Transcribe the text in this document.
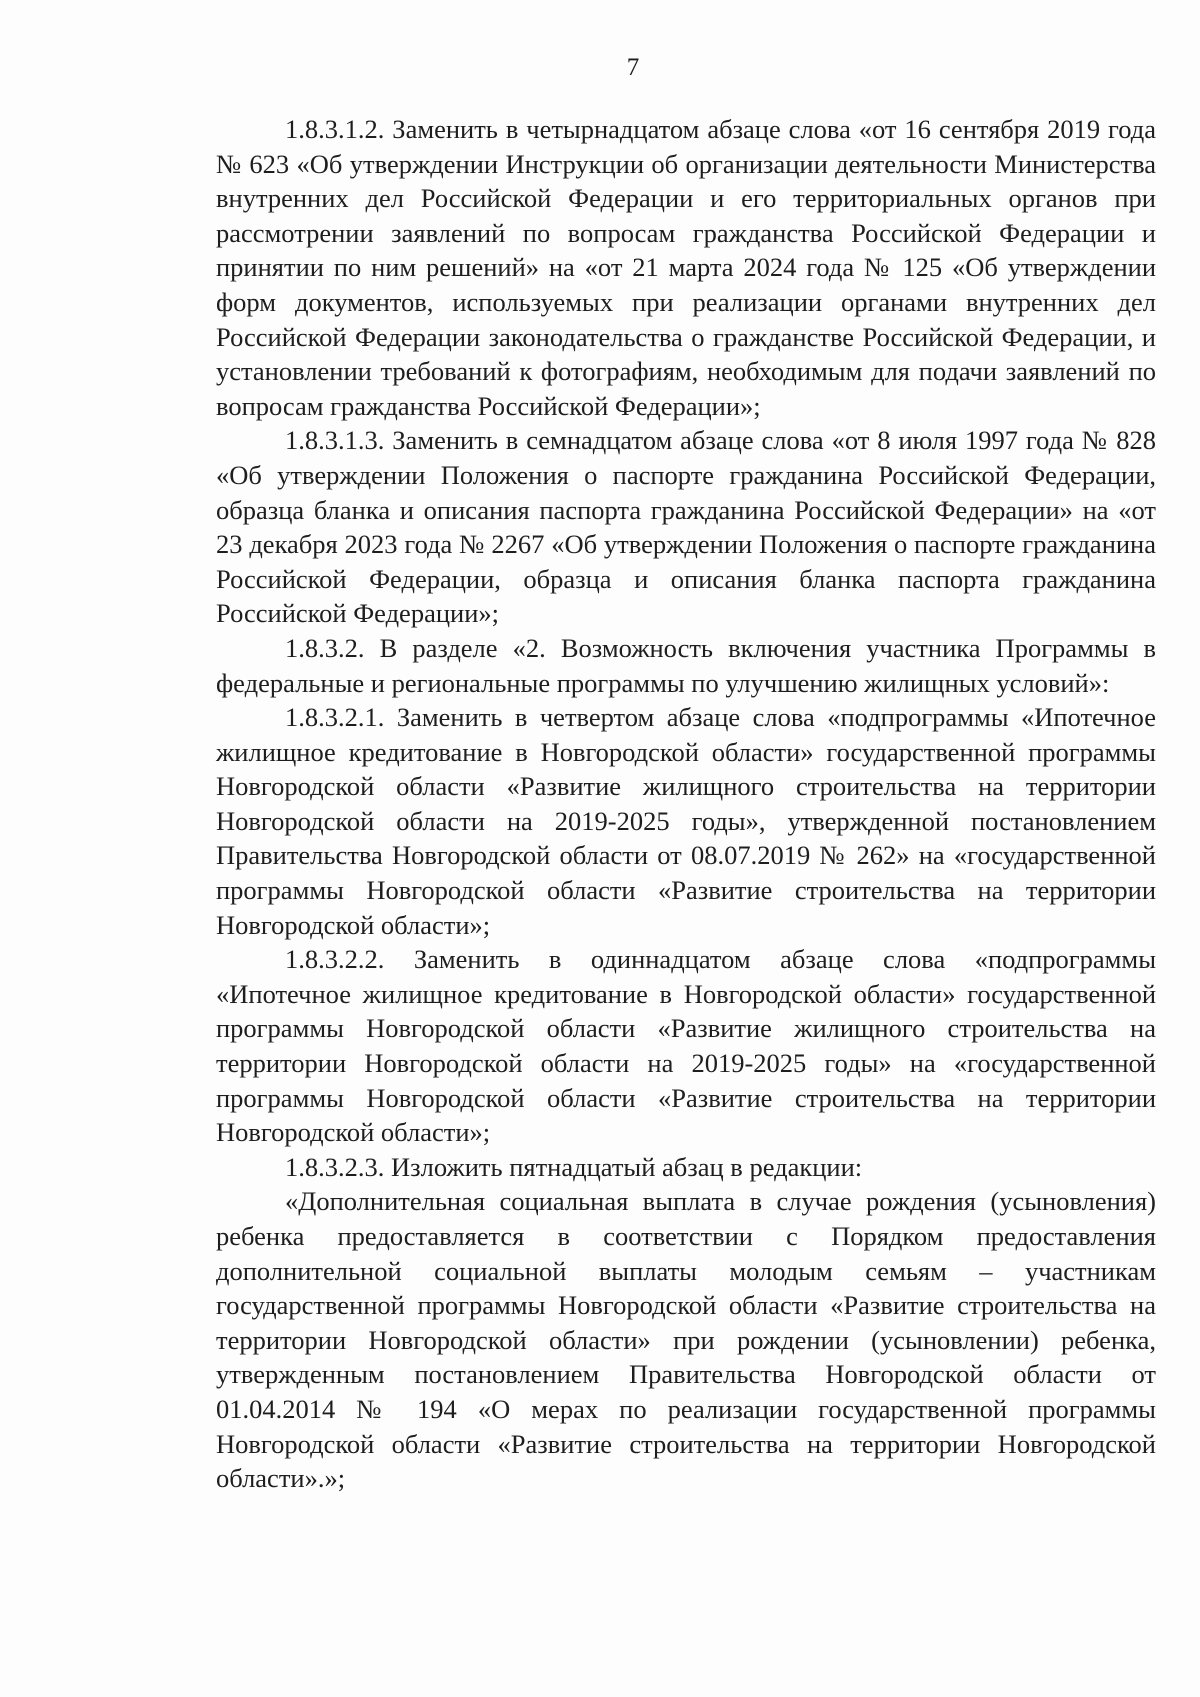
7

1.8.3.1.2. Заменить в четырнадцатом абзаце слова «от 16 сентября 2019 года № 623 «Об утверждении Инструкции об организации деятельности Министерства внутренних дел Российской Федерации и его территориальных органов при рассмотрении заявлений по вопросам гражданства Российской Федерации и принятии по ним решений» на «от 21 марта 2024 года № 125 «Об утверждении форм документов, используемых при реализации органами внутренних дел Российской Федерации законодательства о гражданстве Российской Федерации, и установлении требований к фотографиям, необходимым для подачи заявлений по вопросам гражданства Российской Федерации»;

1.8.3.1.3. Заменить в семнадцатом абзаце слова «от 8 июля 1997 года № 828 «Об утверждении Положения о паспорте гражданина Российской Федерации, образца бланка и описания паспорта гражданина Российской Федерации» на «от 23 декабря 2023 года № 2267 «Об утверждении Положения о паспорте гражданина Российской Федерации, образца и описания бланка паспорта гражданина Российской Федерации»;

1.8.3.2. В разделе «2. Возможность включения участника Программы в федеральные и региональные программы по улучшению жилищных условий»:

1.8.3.2.1. Заменить в четвертом абзаце слова «подпрограммы «Ипотечное жилищное кредитование в Новгородской области» государственной программы Новгородской области «Развитие жилищного строительства на территории Новгородской области на 2019-2025 годы», утвержденной постановлением Правительства Новгородской области от 08.07.2019 № 262» на «государственной программы Новгородской области «Развитие строительства на территории Новгородской области»;

1.8.3.2.2. Заменить в одиннадцатом абзаце слова «подпрограммы «Ипотечное жилищное кредитование в Новгородской области» государственной программы Новгородской области «Развитие жилищного строительства на территории Новгородской области на 2019-2025 годы» на «государственной программы Новгородской области «Развитие строительства на территории Новгородской области»;

1.8.3.2.3. Изложить пятнадцатый абзац в редакции:

«Дополнительная социальная выплата в случае рождения (усыновления) ребенка предоставляется в соответствии с Порядком предоставления дополнительной социальной выплаты молодым семьям – участникам государственной программы Новгородской области «Развитие строительства на территории Новгородской области» при рождении (усыновлении) ребенка, утвержденным постановлением Правительства Новгородской области от 01.04.2014 № 194 «О мерах по реализации государственной программы Новгородской области «Развитие строительства на территории Новгородской области».»;
